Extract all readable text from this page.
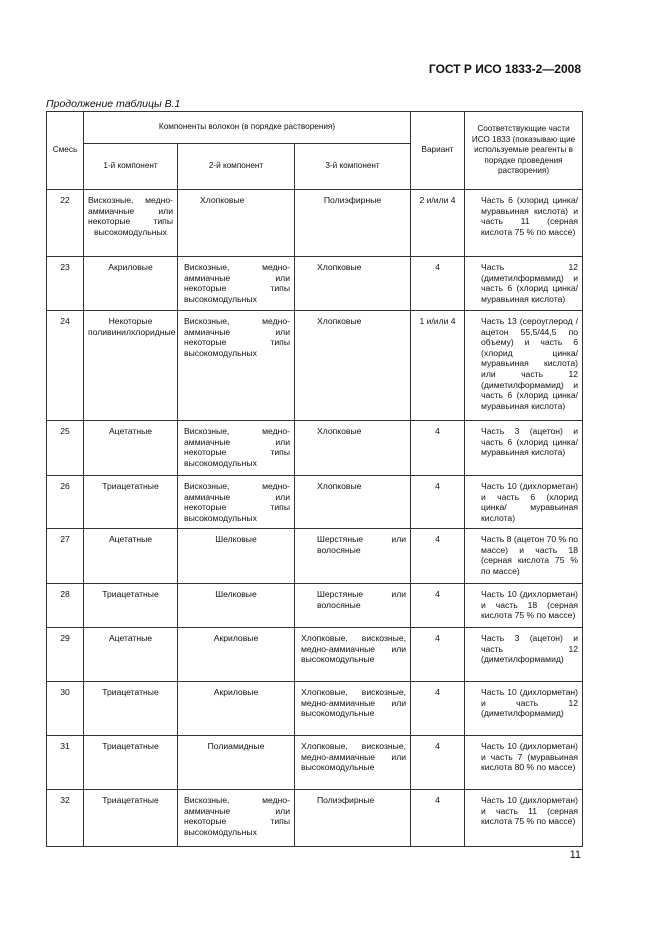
ГОСТ Р ИСО 1833-2—2008
Продолжение таблицы В.1
Смесь	Компоненты волокон (в порядке растворения)			Вариант	Соответствующие части ИСО 1833 (показываю щие используемые реагенты в порядке проведения растворения)
	1-й компонент	2-й компонент	3-й компонент		

22	Вискозные, медно-аммиачные или некоторые типы высокомодульных	Хлопковые	Полиэфирные	2 и/или 4	Часть 6 (хлорид цинка/муравьиная кислота) и часть 11 (серная кислота 75 % по массе)

23	Акриловые	Вискозные, медно-аммиачные или некоторые типы высокомодульных	Хлопковые	4	Часть 12 (диметилформамид) и часть 6 (хлорид цинка/муравьиная кислота)

24	Некоторые поливинилхлоридные	Вискозные, медно-аммиачные или некоторые типы высокомодульных	Хлопковые	1 и/или 4	Часть 13 (сероуглерод /ацетон 55,5/44,5 по объему) и часть 6 (хлорид цинка/муравьиная кислота) или часть 12 (диметилформамид) и часть 6 (хлорид цинка/муравьиная кислота)

25	Ацетатные	Вискозные, медно-аммиачные или некоторые типы высокомодульных	Хлопковые	4	Часть 3 (ацетон) и часть 6 (хлорид цинка/муравьиная кислота)

26	Триацетатные	Вискозные, медно-аммиачные или некоторые типы высокомодульных	Хлопковые	4	Часть 10 (дихлорметан) и часть 6 (хлорид цинка/ муравьиная кислота)

27	Ацетатные	Шелковые	Шерстяные или волосяные	4	Часть 8 (ацетон 70 % по массе) и часть 18 (серная кислота 75 % по массе)

28	Триацетатные	Шелковые	Шерстяные или волосяные	4	Часть 10 (дихлорметан) и часть 18 (серная кислота 75 % по массе)

29	Ацетатные	Акриловые	Хлопковые, вискозные, медно-аммиачные или высокомодульные	4	Часть 3 (ацетон) и часть 12 (диметилформамид)

30	Триацетатные	Акриловые	Хлопковые, вискозные, медно-аммиачные или высокомодульные	4	Часть 10 (дихлорметан) и часть 12 (диметилформамид)

31	Триацетатные	Полиамидные	Хлопковые, вискозные, медно-аммиачные или высокомодульные	4	Часть 10 (дихлорметан) и часть 7 (муравьиная кислота 80 % по массе)

32	Триацетатные	Вискозные, медно-аммиачные или некоторые типы высокомодульных	Полиэфирные	4	Часть 10 (дихлорметан) и часть 11 (серная кислота 75 % по массе)
11
